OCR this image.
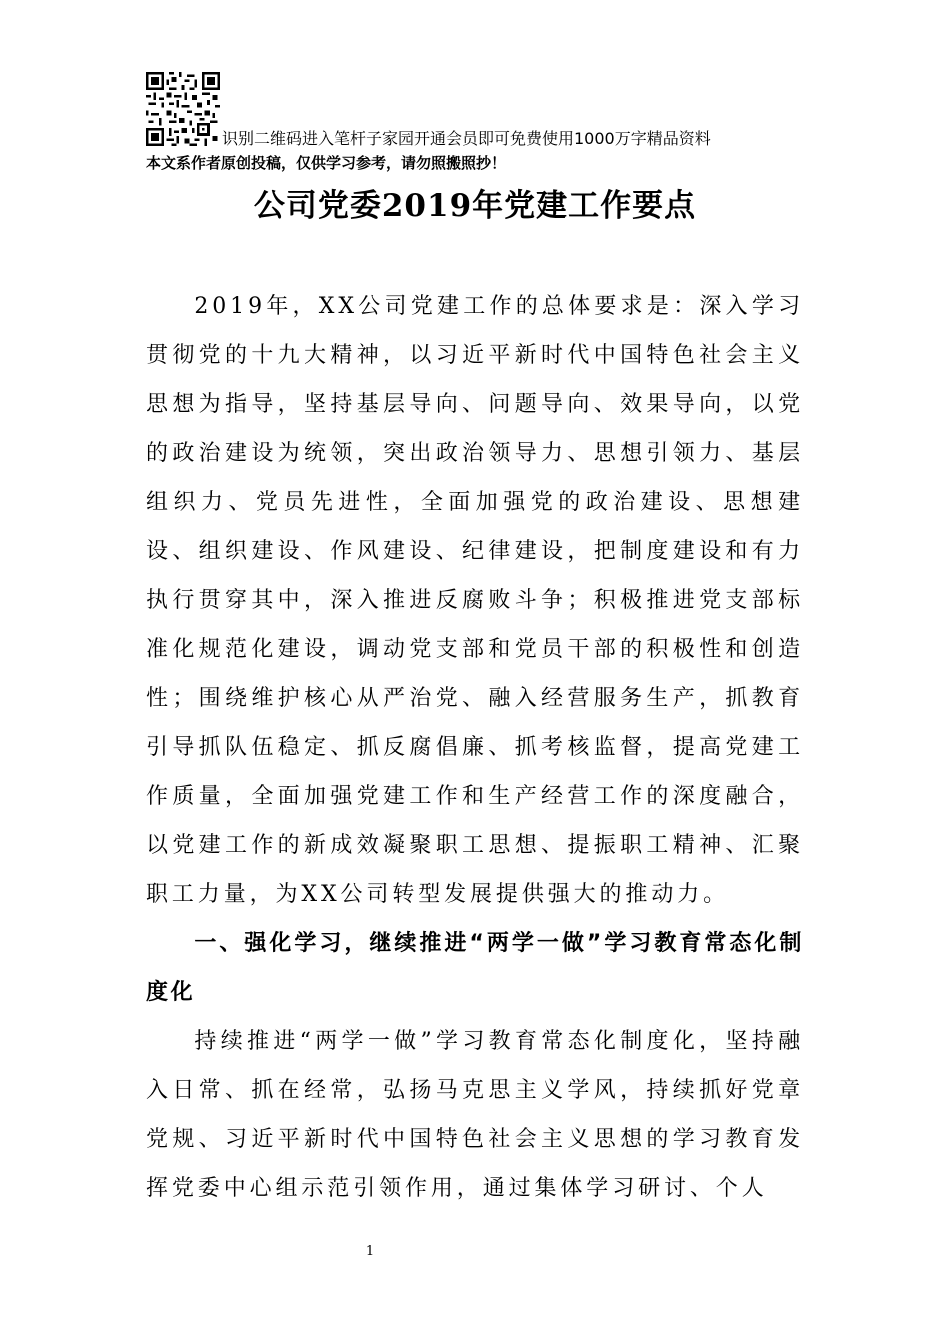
识别二维码进入笔杆子家园开通会员即可免费使用1000万字精品资料
本文系作者原创投稿，仅供学习参考，请勿照搬照抄！
公司党委2019年党建工作要点

2019年，XX公司党建工作的总体要求是：深入学习贯彻党的十九大精神，以习近平新时代中国特色社会主义思想为指导，坚持基层导向、问题导向、效果导向，以党的政治建设为统领，突出政治领导力、思想引领力、基层组织力、党员先进性，全面加强党的政治建设、思想建设、组织建设、作风建设、纪律建设，把制度建设和有力执行贯穿其中，深入推进反腐败斗争；积极推进党支部标准化规范化建设，调动党支部和党员干部的积极性和创造性；围绕维护核心从严治党、融入经营服务生产，抓教育引导抓队伍稳定、抓反腐倡廉、抓考核监督，提高党建工作质量，全面加强党建工作和生产经营工作的深度融合，以党建工作的新成效凝聚职工思想、提振职工精神、汇聚职工力量，为XX公司转型发展提供强大的推动力。

一、强化学习，继续推进“两学一做”学习教育常态化制度化

持续推进“两学一做”学习教育常态化制度化，坚持融入日常、抓在经常，弘扬马克思主义学风，持续抓好党章党规、习近平新时代中国特色社会主义思想的学习教育发挥党委中心组示范引领作用，通过集体学习研讨、个人

1
